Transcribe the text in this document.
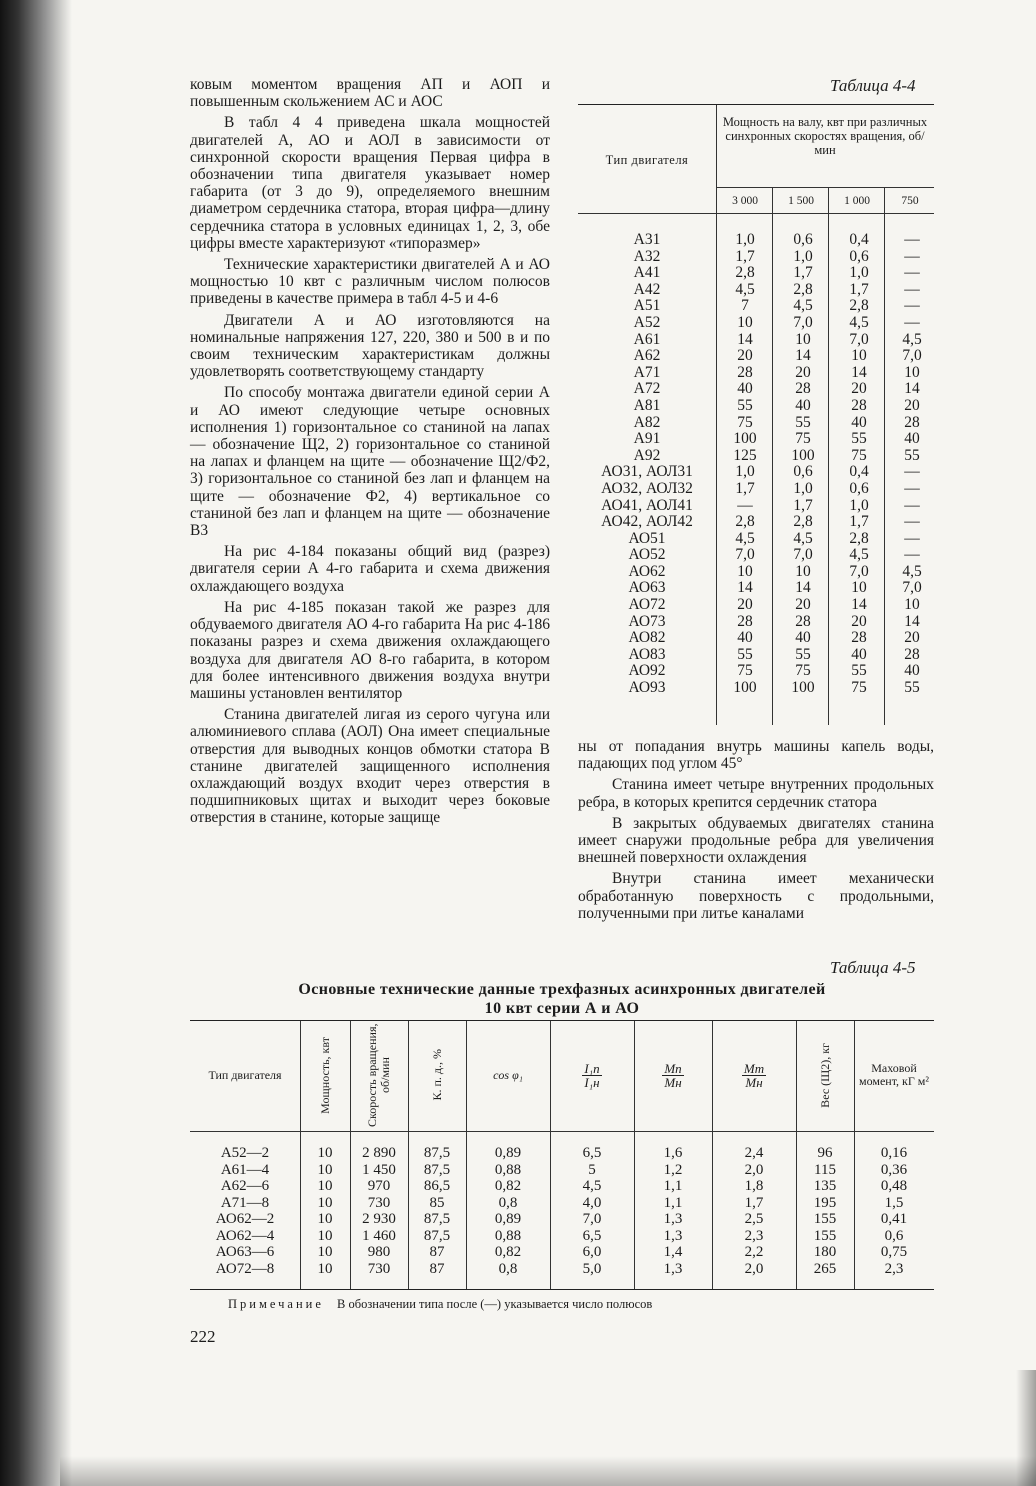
ковым моментом вращения АП и АОП и повышенным скольжением АС и АОС

В табл 4 4 приведена шкала мощностей двигателей А, АО и АОЛ в зависимости от синхронной скорости вращения Первая цифра в обозначении типа двигателя указывает номер габарита (от 3 до 9), определяемого внешним диаметром сердечника статора, вторая цифра—длину сердечника статора в условных единицах 1, 2, 3, обе цифры вместе характеризуют «типоразмер»

Технические характеристики двигателей А и АО мощностью 10 квт с различным числом полюсов приведены в качестве примера в табл 4-5 и 4-6

Двигатели А и АО изготовляются на номинальные напряжения 127, 220, 380 и 500 в и по своим техническим характеристикам должны удовлетворять соответствующему стандарту

По способу монтажа двигатели единой серии А и АО имеют следующие четыре основных исполнения 1) горизонтальное со станиной на лапах — обозначение Щ2, 2) горизонтальное со станиной на лапах и фланцем на щите — обозначение Щ2/Ф2, 3) горизонтальное со станиной без лап и фланцем на щите — обозначение Ф2, 4) вертикальное со станиной без лап и фланцем на щите — обозначение В3

На рис 4-184 показаны общий вид (разрез) двигателя серии А 4-го габарита и схема движения охлаждающего воздуха

На рис 4-185 показан такой же разрез для обдуваемого двигателя АО 4-го габарита На рис 4-186 показаны разрез и схема движения охлаждающего воздуха для двигателя АО 8-го габарита, в котором для более интенсивного движения воздуха внутри машины установлен вентилятор

Станина двигателей лигая из серого чугуна или алюминиевого сплава (АОЛ) Она имеет специальные отверстия для выводных концов обмотки статора В станине двигателей защищенного исполнения охлаждающий воздух входит через отверстия в подшипниковых щитах и выходит через боковые отверстия в станине, которые защище

Таблица 4-4
Тип двигателя
Мощность на валу, квт при различных синхронных скоростях вращения, об/мин
3 000	1 500	1 000	750
А31	1,0	0,6	0,4	—
А32	1,7	1,0	0,6	—
А41	2,8	1,7	1,0	—
А42	4,5	2,8	1,7	—
А51	7	4,5	2,8	—
А52	10	7,0	4,5	—
А61	14	10	7,0	4,5
А62	20	14	10	7,0
А71	28	20	14	10
А72	40	28	20	14
А81	55	40	28	20
А82	75	55	40	28
А91	100	75	55	40
А92	125	100	75	55
АО31, АОЛ31	1,0	0,6	0,4	—
АО32, АОЛ32	1,7	1,0	0,6	—
АО41, АОЛ41	—	1,7	1,0	—
АО42, АОЛ42	2,8	2,8	1,7	—
АО51	4,5	4,5	2,8	—
АО52	7,0	7,0	4,5	—
АО62	10	10	7,0	4,5
АО63	14	14	10	7,0
АО72	20	20	14	10
АО73	28	28	20	14
АО82	40	40	28	20
АО83	55	55	40	28
АО92	75	75	55	40
АО93	100	100	75	55

ны от попадания внутрь машины капель воды, падающих под углом 45°

Станина имеет четыре внутренних продольных ребра, в которых крепится сердечник статора

В закрытых обдуваемых двигателях станина имеет снаружи продольные ребра для увеличения внешней поверхности охлаждения

Внутри станина имеет механически обработанную поверхность с продольными, полученными при литье каналами

Таблица 4-5
Основные технические данные трехфазных асинхронных двигателей
10 квт серии А и АО
Тип двигателя	Мощность, квт	Скорость вращения, об/мин	К. п. д., %	cos φ₁	$\frac{\text{I₁п}}{\text{I₁н}}$	$\frac{Mп}{Mн}$	$\frac{Mm}{Mн}$	Вес (Щ2), кг	Маховой момент, кГ м²
А52—2	10	2 890	87,5	0,89	6,5	1,6	2,4	96	0,16
А61—4	10	1 450	87,5	0,88	5	1,2	2,0	115	0,36
А62—6	10	970	86,5	0,82	4,5	1,1	1,8	135	0,48
А71—8	10	730	85	0,8	4,0	1,1	1,7	195	1,5
АО62—2	10	2 930	87,5	0,89	7,0	1,3	2,5	155	0,41
АО62—4	10	1 460	87,5	0,88	6,5	1,3	2,3	155	0,6
АО63—6	10	980	87	0,82	6,0	1,4	2,2	180	0,75
АО72—8	10	730	87	0,8	5,0	1,3	2,0	265	2,3
Примечание В обозначении типа после (—) указывается число полюсов
222
